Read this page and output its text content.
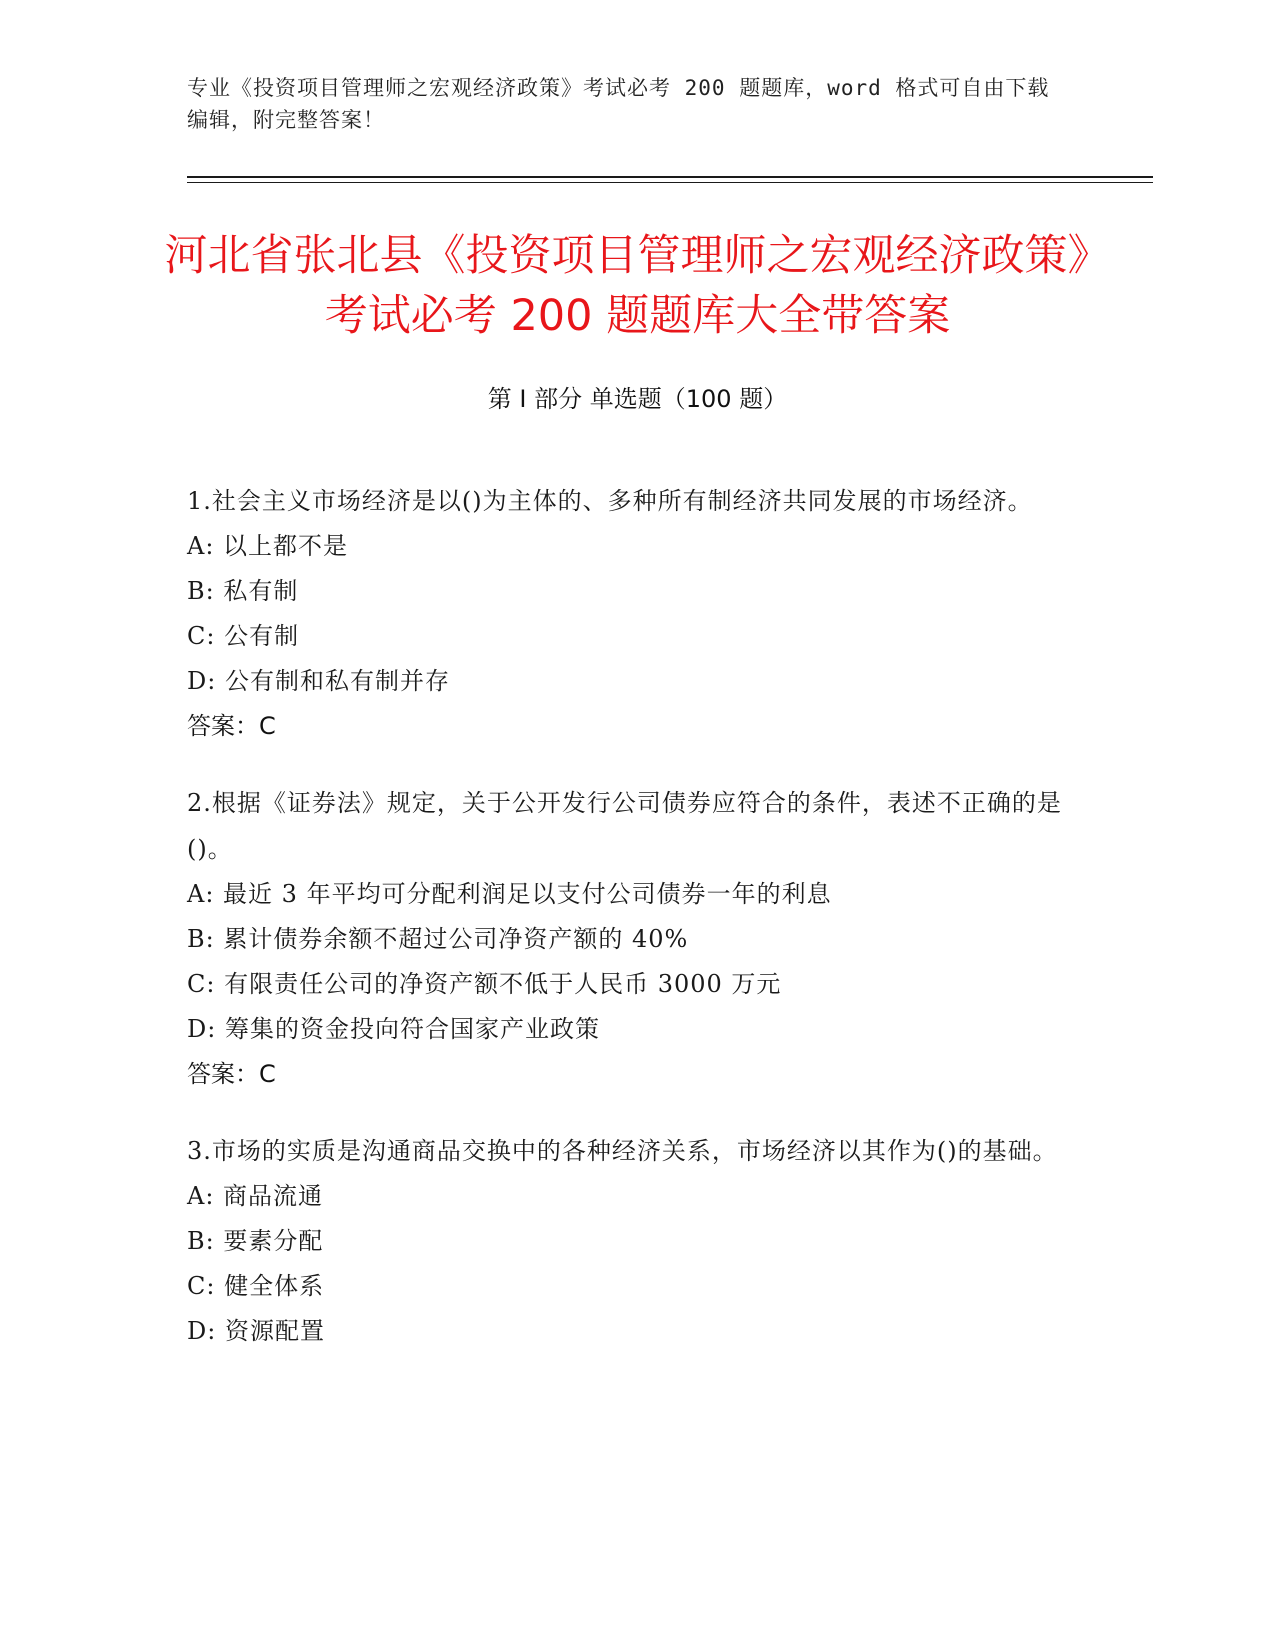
专业《投资项目管理师之宏观经济政策》考试必考 200 题题库，word 格式可自由下载编辑，附完整答案！
河北省张北县《投资项目管理师之宏观经济政策》考试必考 200 题题库大全带答案
第 I 部分 单选题（100 题）
1.社会主义市场经济是以()为主体的、多种所有制经济共同发展的市场经济。
A: 以上都不是
B: 私有制
C: 公有制
D: 公有制和私有制并存
答案：C
2.根据《证券法》规定，关于公开发行公司债券应符合的条件，表述不正确的是()。
A: 最近 3 年平均可分配利润足以支付公司债券一年的利息
B: 累计债券余额不超过公司净资产额的 40%
C: 有限责任公司的净资产额不低于人民币 3000 万元
D: 筹集的资金投向符合国家产业政策
答案：C
3.市场的实质是沟通商品交换中的各种经济关系，市场经济以其作为()的基础。
A: 商品流通
B: 要素分配
C: 健全体系
D: 资源配置
